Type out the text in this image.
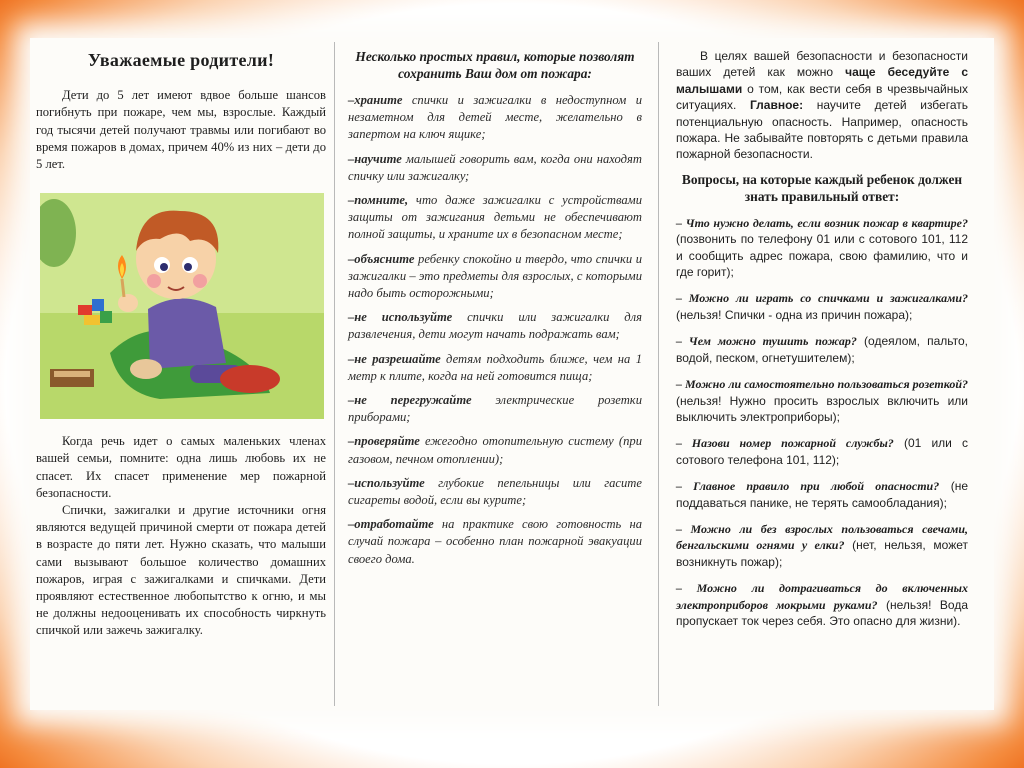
Уважаемые родители!

Дети до 5 лет имеют вдвое больше шансов погибнуть при пожаре, чем мы, взрослые. Каждый год тысячи детей получают травмы или погибают во время пожаров в домах, причем 40% из них – дети до 5 лет.

Когда речь идет о самых маленьких членах вашей семьи, помните: одна лишь любовь их не спасет. Их спасет применение мер пожарной безопасности.

Спички, зажигалки и другие источники огня являются ведущей причиной смерти от пожара детей в возрасте до пяти лет. Нужно сказать, что малыши сами вызывают большое количество домашних пожаров, играя с зажигалками и спичками. Дети проявляют естественное любопытство к огню, и мы не должны недооценивать их способность чиркнуть спичкой или зажечь зажигалку.

Несколько простых правил, которые позволят сохранить Ваш дом от пожара:

–храните спички и зажигалки в недоступном и незаметном для детей месте, желательно в запертом на ключ ящике;

–научите малышей говорить вам, когда они находят спичку или зажигалку;

–помните, что даже зажигалки с устройствами защиты от зажигания детьми не обеспечивают полной защиты, и храните их в безопасном месте;

–объясните ребенку спокойно и твердо, что спички и зажигалки – это предметы для взрослых, с которыми надо быть осторожными;

–не используйте спички или зажигалки для развлечения, дети могут начать подражать вам;

–не разрешайте детям подходить ближе, чем на 1 метр к плите, когда на ней готовится пища;

–не перегружайте электрические розетки приборами;

–проверяйте ежегодно отопительную систему (при газовом, печном отоплении);

–используйте глубокие пепельницы или гасите сигареты водой, если вы курите;

–отработайте на практике свою готовность на случай пожара – особенно план пожарной эвакуации своего дома.

В целях вашей безопасности и безопасности ваших детей как можно чаще беседуйте с малышами о том, как вести себя в чрезвычайных ситуациях. Главное: научите детей избегать потенциальную опасность. Например, опасность пожара. Не забывайте повторять с детьми правила пожарной безопасности.

Вопросы, на которые каждый ребенок должен знать правильный ответ:

– Что нужно делать, если возник пожар в квартире? (позвонить по телефону 01 или с сотового 101, 112 и сообщить адрес пожара, свою фамилию, что и где горит);

– Можно ли играть со спичками и зажигалками? (нельзя! Спички - одна из причин пожара);

– Чем можно тушить пожар? (одеялом, пальто, водой, песком, огнетушителем);

– Можно ли самостоятельно пользоваться розеткой? (нельзя! Нужно просить взрослых включить или выключить электроприборы);

– Назови номер пожарной службы? (01 или с сотового телефона 101, 112);

– Главное правило при любой опасности? (не поддаваться панике, не терять самообладания);

– Можно ли без взрослых пользоваться свечами, бенгальскими огнями у елки? (нет, нельзя, может возникнуть пожар);

– Можно ли дотрагиваться до включенных электроприборов мокрыми руками? (нельзя! Вода пропускает ток через себя. Это опасно для жизни).
